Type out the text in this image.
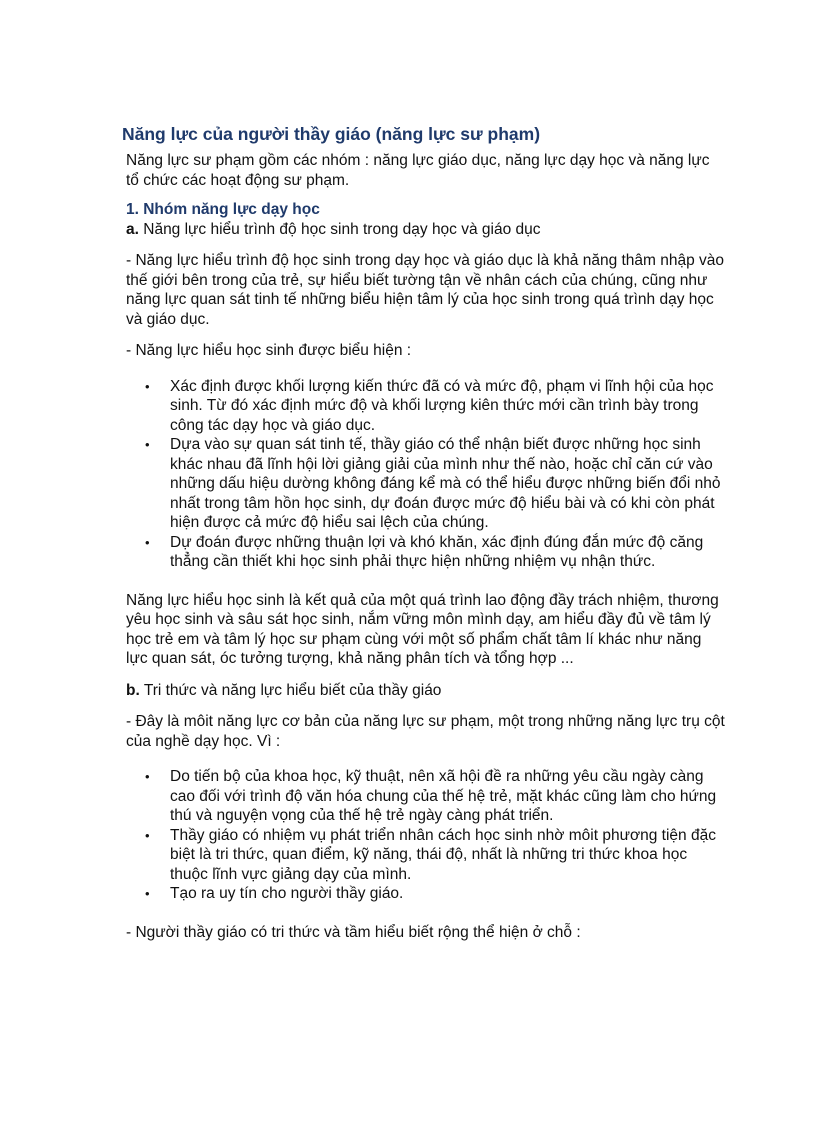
Năng lực của người thầy giáo (năng lực sư phạm)

Năng lực sư phạm gồm các nhóm : năng lực giáo dục, năng lực dạy học và năng lực tổ chức các hoạt động sư phạm.

1. Nhóm năng lực dạy học

a. Năng lực hiểu trình độ học sinh trong dạy học và giáo dục

- Năng lực hiểu trình độ học sinh trong dạy học và giáo dục là khả năng thâm nhập vào thế giới bên trong của trẻ, sự hiểu biết tường tận về nhân cách của chúng, cũng như năng lực quan sát tinh tế những biểu hiện tâm lý của học sinh trong quá trình dạy học và giáo dục.

- Năng lực hiểu học sinh được biểu hiện :

• Xác định được khối lượng kiến thức đã có và mức độ, phạm vi lĩnh hội của học sinh. Từ đó xác định mức độ và khối lượng kiên thức mới cần trình bày trong công tác dạy học và giáo dục.
• Dựa vào sự quan sát tinh tế, thầy giáo có thể nhận biết được những học sinh khác nhau đã lĩnh hội lời giảng giải của mình như thế nào, hoặc chỉ căn cứ vào những dấu hiệu dường không đáng kể mà có thể hiểu được những biến đổi nhỏ nhất trong tâm hồn học sinh, dự đoán được mức độ hiểu bài và có khi còn phát hiện được cả mức độ hiểu sai lệch của chúng.
• Dự đoán được những thuận lợi và khó khăn, xác định đúng đắn mức độ căng thẳng cần thiết khi học sinh phải thực hiện những nhiệm vụ nhận thức.

Năng lực hiểu học sinh là kết quả của một quá trình lao động đầy trách nhiệm, thương yêu học sinh và sâu sát học sinh, nắm vững môn mình dạy, am hiểu đầy đủ về tâm lý học trẻ em và tâm lý học sư phạm cùng với một số phẩm chất tâm lí khác như năng lực quan sát, óc tưởng tượng, khả năng phân tích và tổng hợp ...

b. Tri thức và năng lực hiểu biết của thầy giáo

- Đây là môit năng lực cơ bản của năng lực sư phạm, một trong những năng lực trụ cột của nghề dạy học. Vì :

• Do tiến bộ của khoa học, kỹ thuật, nên xã hội đề ra những yêu cầu ngày càng cao đối với trình độ văn hóa chung của thế hệ trẻ, mặt khác cũng làm cho hứng thú và nguyện vọng của thế hệ trẻ ngày càng phát triển.
• Thầy giáo có nhiệm vụ phát triển nhân cách học sinh nhờ môit phương tiện đặc biệt là tri thức, quan điểm, kỹ năng, thái độ, nhất là những tri thức khoa học thuộc lĩnh vực giảng dạy của mình.
• Tạo ra uy tín cho người thầy giáo.

- Người thầy giáo có tri thức và tầm hiểu biết rộng thể hiện ở chỗ :
